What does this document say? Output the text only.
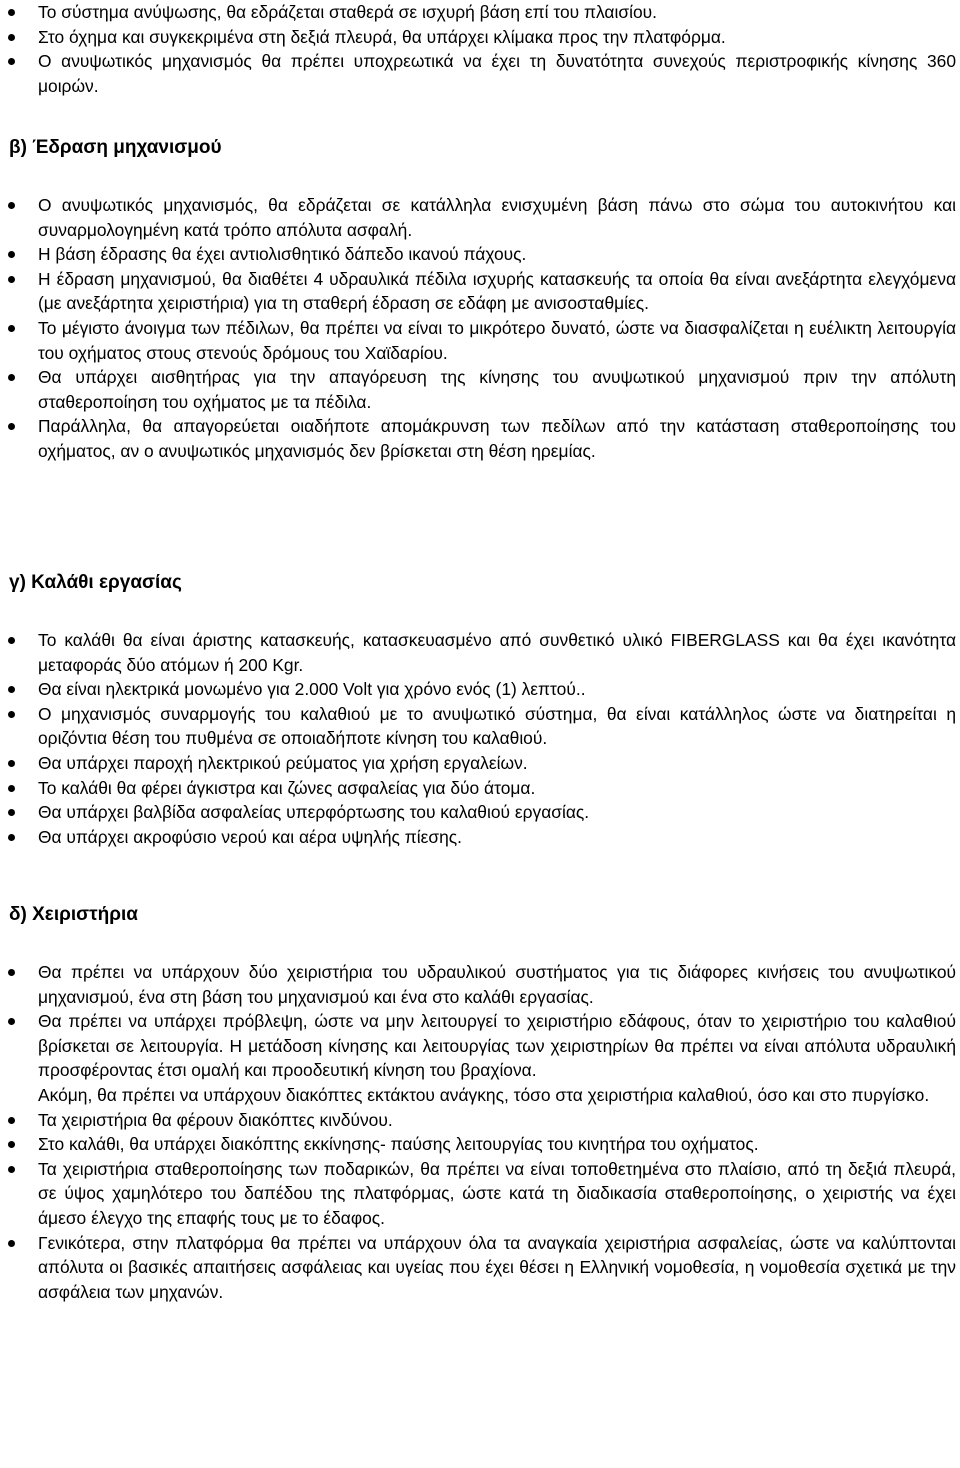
Το σύστημα ανύψωσης, θα εδράζεται σταθερά σε ισχυρή βάση επί του πλαισίου.
Στο όχημα και συγκεκριμένα στη δεξιά πλευρά, θα υπάρχει κλίμακα προς την πλατφόρμα.
Ο ανυψωτικός μηχανισμός θα πρέπει υποχρεωτικά να έχει τη δυνατότητα συνεχούς περιστροφικής κίνησης 360 μοιρών.
β) Έδραση μηχανισμού
Ο ανυψωτικός μηχανισμός, θα εδράζεται σε κατάλληλα ενισχυμένη βάση πάνω στο σώμα του αυτοκινήτου και συναρμολογημένη κατά τρόπο απόλυτα ασφαλή.
Η βάση έδρασης θα έχει αντιολισθητικό δάπεδο ικανού πάχους.
Η έδραση μηχανισμού, θα διαθέτει 4 υδραυλικά πέδιλα ισχυρής κατασκευής τα οποία θα είναι ανεξάρτητα ελεγχόμενα (με ανεξάρτητα χειριστήρια) για τη σταθερή έδραση σε εδάφη με ανισοσταθμίες.
Το μέγιστο άνοιγμα των πέδιλων, θα πρέπει να είναι το μικρότερο δυνατό, ώστε να διασφαλίζεται η ευέλικτη λειτουργία του οχήματος στους στενούς δρόμους του Χαϊδαρίου.
Θα υπάρχει αισθητήρας για την απαγόρευση της κίνησης του ανυψωτικού μηχανισμού πριν την απόλυτη σταθεροποίηση του οχήματος με τα πέδιλα.
Παράλληλα, θα απαγορεύεται οιαδήποτε απομάκρυνση των πεδίλων από την κατάσταση σταθεροποίησης του οχήματος, αν ο ανυψωτικός μηχανισμός δεν βρίσκεται στη θέση ηρεμίας.
γ) Καλάθι εργασίας
Το καλάθι θα είναι άριστης κατασκευής, κατασκευασμένο από συνθετικό υλικό FIBERGLASS και θα έχει ικανότητα μεταφοράς δύο ατόμων ή 200 Kgr.
Θα είναι ηλεκτρικά μονωμένο για 2.000 Volt για χρόνο ενός (1) λεπτού..
Ο μηχανισμός συναρμογής του καλαθιού με το ανυψωτικό σύστημα, θα είναι κατάλληλος ώστε να διατηρείται η οριζόντια θέση του πυθμένα σε οποιαδήποτε κίνηση του καλαθιού.
Θα υπάρχει παροχή ηλεκτρικού ρεύματος για χρήση εργαλείων.
Το καλάθι θα φέρει άγκιστρα και ζώνες ασφαλείας για δύο άτομα.
Θα υπάρχει βαλβίδα ασφαλείας υπερφόρτωσης του καλαθιού εργασίας.
Θα υπάρχει ακροφύσιο νερού και αέρα υψηλής πίεσης.
δ) Χειριστήρια
Θα πρέπει να υπάρχουν δύο χειριστήρια του υδραυλικού συστήματος για τις διάφορες κινήσεις του ανυψωτικού μηχανισμού, ένα στη βάση του μηχανισμού και ένα στο καλάθι εργασίας.
Θα πρέπει να υπάρχει πρόβλεψη, ώστε να μην λειτουργεί το χειριστήριο εδάφους, όταν το χειριστήριο του καλαθιού βρίσκεται σε λειτουργία. Η μετάδοση κίνησης και λειτουργίας των χειριστηρίων θα πρέπει να είναι απόλυτα υδραυλική προσφέροντας έτσι ομαλή και προοδευτική κίνηση του βραχίονα.
Ακόμη, θα πρέπει να υπάρχουν διακόπτες εκτάκτου ανάγκης, τόσο στα χειριστήρια καλαθιού, όσο και στο πυργίσκο.
Τα χειριστήρια θα φέρουν διακόπτες κινδύνου.
Στο καλάθι, θα υπάρχει διακόπτης εκκίνησης- παύσης λειτουργίας του κινητήρα του οχήματος.
Τα χειριστήρια σταθεροποίησης των ποδαρικών, θα πρέπει να είναι τοποθετημένα στο πλαίσιο, από τη δεξιά πλευρά, σε ύψος χαμηλότερο του δαπέδου της πλατφόρμας, ώστε κατά τη διαδικασία σταθεροποίησης, ο χειριστής να έχει άμεσο έλεγχο της επαφής τους με το έδαφος.
Γενικότερα, στην πλατφόρμα θα πρέπει να υπάρχουν όλα τα αναγκαία χειριστήρια ασφαλείας, ώστε να καλύπτονται απόλυτα οι βασικές απαιτήσεις ασφάλειας και υγείας που έχει θέσει η Ελληνική νομοθεσία, η νομοθεσία σχετικά με την ασφάλεια των μηχανών.
